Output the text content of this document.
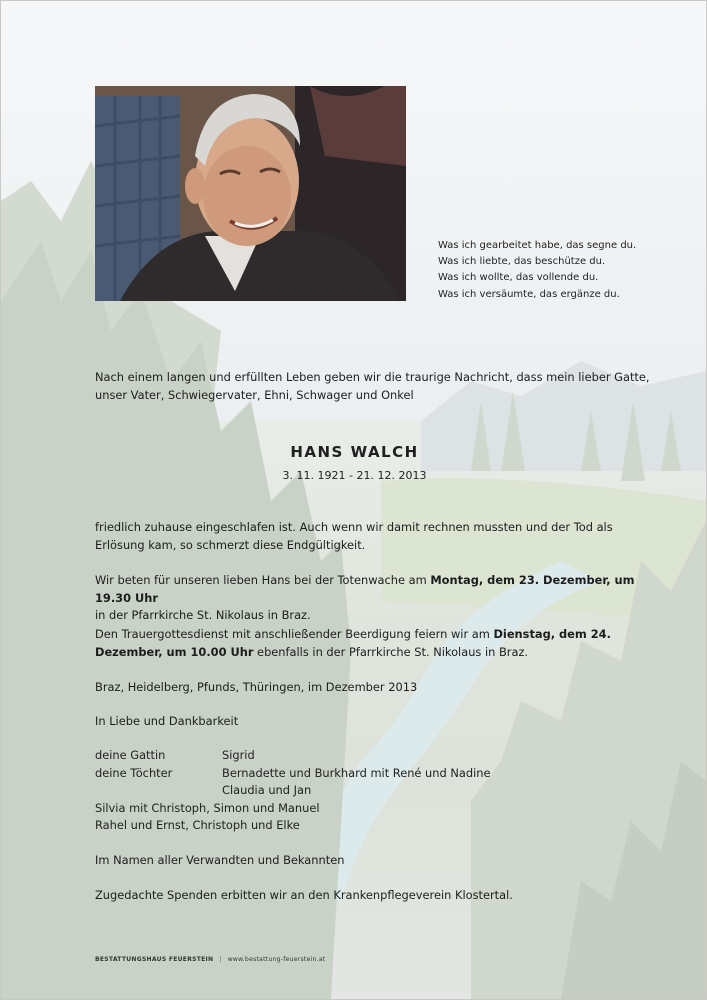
Was ich gearbeitet habe, das segne du.
Was ich liebte, das beschütze du.
Was ich wollte, das vollende du.
Was ich versäumte, das ergänze du.
Nach einem langen und erfüllten Leben geben wir die traurige Nachricht, dass mein lieber Gatte, unser Vater, Schwiegervater, Ehni, Schwager und Onkel
HANS WALCH
3. 11. 1921 - 21. 12. 2013
friedlich zuhause eingeschlafen ist. Auch wenn wir damit rechnen mussten und der Tod als Erlösung kam, so schmerzt diese Endgültigkeit.
Wir beten für unseren lieben Hans bei der Totenwache am Montag, dem 23. Dezember, um 19.30 Uhr
in der Pfarrkirche St. Nikolaus in Braz.
Den Trauergottesdienst mit anschließender Beerdigung feiern wir am Dienstag, dem 24. Dezember, um 10.00 Uhr ebenfalls in der Pfarrkirche St. Nikolaus in Braz.
Braz, Heidelberg, Pfunds, Thüringen, im Dezember 2013
In Liebe und Dankbarkeit
deine Gattin	Sigrid
deine Töchter	Bernadette und Burkhard mit René und Nadine
Claudia und Jan
Silvia mit Christoph, Simon und Manuel
Rahel und Ernst, Christoph und Elke
Im Namen aller Verwandten und Bekannten
Zugedachte Spenden erbitten wir an den Krankenpflegeverein Klostertal.
BESTATTUNGSHAUS FEUERSTEIN | www.bestattung-feuerstein.at
